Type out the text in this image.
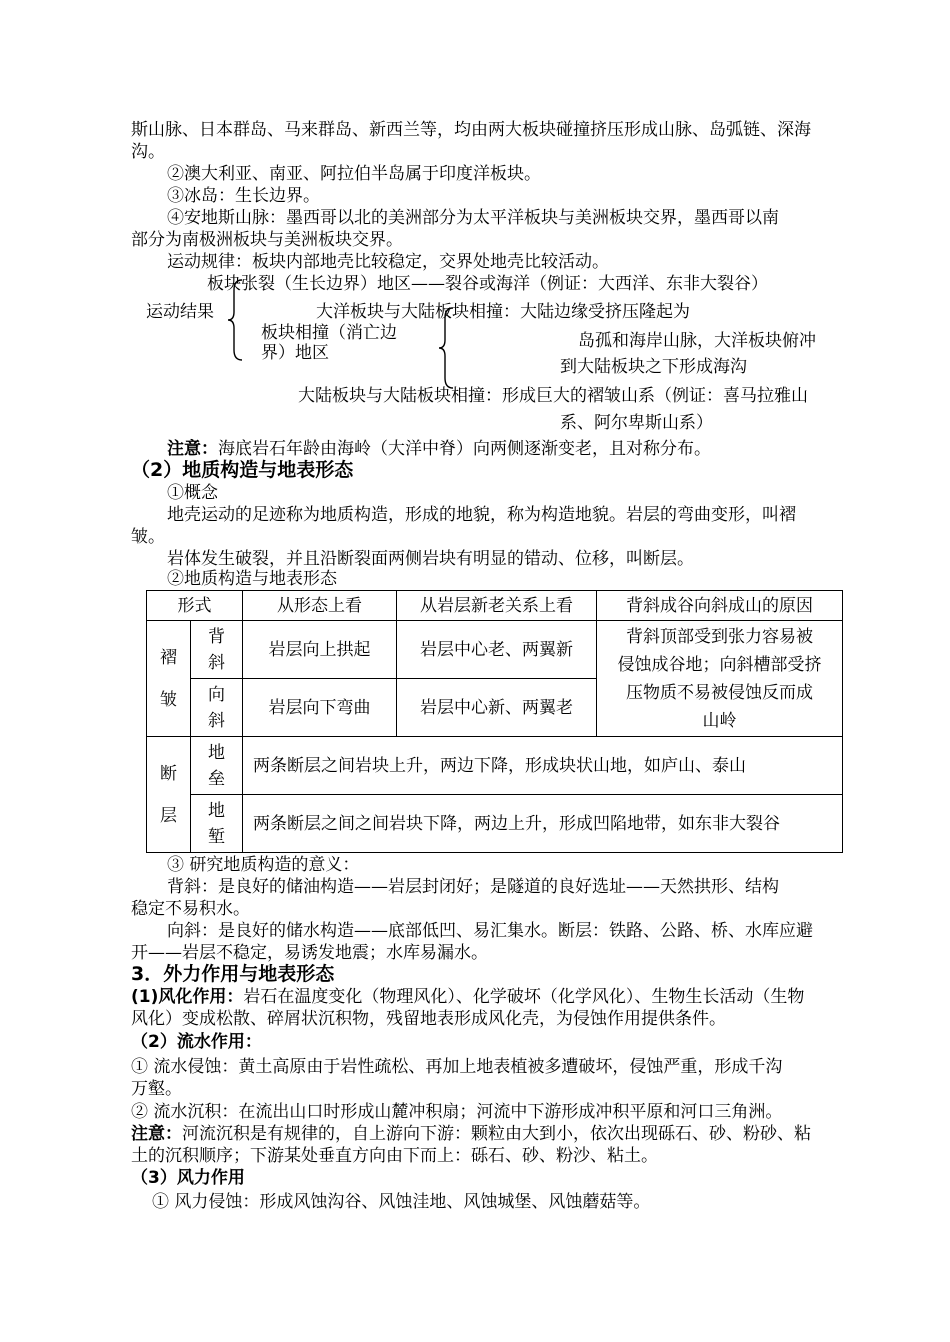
斯山脉、日本群岛、马来群岛、新西兰等，均由两大板块碰撞挤压形成山脉、岛弧链、深海
沟。
②澳大利亚、南亚、阿拉伯半岛属于印度洋板块。
③冰岛：生长边界。
④安地斯山脉：墨西哥以北的美洲部分为太平洋板块与美洲板块交界，墨西哥以南
部分为南极洲板块与美洲板块交界。
运动规律：板块内部地壳比较稳定，交界处地壳比较活动。
板块张裂（生长边界）地区——裂谷或海洋（例证：大西洋、东非大裂谷）
运动结果	大洋板块与大陆板块相撞：大陆边缘受挤压隆起为
板块相撞（消亡边	岛孤和海岸山脉，大洋板块俯冲
界）地区
到大陆板块之下形成海沟
大陆板块与大陆板块相撞：形成巨大的褶皱山系（例证：喜马拉雅山
系、阿尔卑斯山系）
注意：海底岩石年龄由海岭（大洋中脊）向两侧逐渐变老，且对称分布。
（2）地质构造与地表形态
①概念
地壳运动的足迹称为地质构造，形成的地貌，称为构造地貌。岩层的弯曲变形，叫褶
皱。
岩体发生破裂，并且沿断裂面两侧岩块有明显的错动、位移，叫断层。
②地质构造与地表形态
形式		从形态上看	从岩层新老关系上看	背斜成谷向斜成山的原因

褶皱	背斜	岩层向上拱起	岩层中心老、两翼新	背斜顶部受到张力容易被
侵蚀成谷地；向斜槽部受挤
压物质不易被侵蚀反而成
山岭

	向斜	岩层向下弯曲	岩层中心新、两翼老	

断层	地垒	两条断层之间岩块上升，两边下降，形成块状山地，如庐山、泰山		

	地堑	两条断层之间之间岩块下降，两边上升，形成凹陷地带，如东非大裂谷		
③ 研究地质构造的意义：
背斜：是良好的储油构造——岩层封闭好；是隧道的良好选址——天然拱形、结构
稳定不易积水。
向斜：是良好的储水构造——底部低凹、易汇集水。断层：铁路、公路、桥、水库应避
开——岩层不稳定，易诱发地震；水库易漏水。
3．外力作用与地表形态
(1)风化作用：岩石在温度变化（物理风化）、化学破坏（化学风化）、生物生长活动（生物
风化）变成松散、碎屑状沉积物，残留地表形成风化壳，为侵蚀作用提供条件。
（2）流水作用：
① 流水侵蚀：黄土高原由于岩性疏松、再加上地表植被多遭破坏，侵蚀严重，形成千沟
万壑。
② 流水沉积：在流出山口时形成山麓冲积扇；河流中下游形成冲积平原和河口三角洲。
注意：河流沉积是有规律的，自上游向下游：颗粒由大到小，依次出现砾石、砂、粉砂、粘
土的沉积顺序；下游某处垂直方向由下而上：砾石、砂、粉沙、粘土。
（3）风力作用
① 风力侵蚀：形成风蚀沟谷、风蚀洼地、风蚀城堡、风蚀蘑菇等。
